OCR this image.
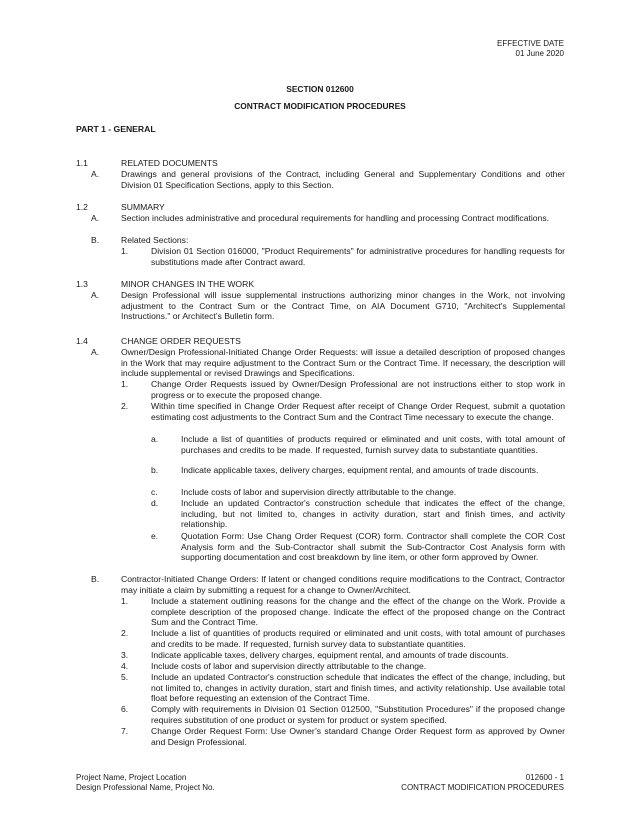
EFFECTIVE DATE
01 June 2020
SECTION 012600
CONTRACT MODIFICATION PROCEDURES
PART 1 - GENERAL
1.1	RELATED DOCUMENTS
A.	Drawings and general provisions of the Contract, including General and Supplementary Conditions and other Division 01 Specification Sections, apply to this Section.
1.2	SUMMARY
A.	Section includes administrative and procedural requirements for handling and processing Contract modifications.
B.	Related Sections:
1.	Division 01 Section 016000, "Product Requirements" for administrative procedures for handling requests for substitutions made after Contract award.
1.3	MINOR CHANGES IN THE WORK
A.	Design Professional will issue supplemental instructions authorizing minor changes in the Work, not involving adjustment to the Contract Sum or the Contract Time, on AIA Document G710, "Architect's Supplemental Instructions." or Architect’s Bulletin form.
1.4	CHANGE ORDER REQUESTS
A.	Owner/Design Professional-Initiated Change Order Requests: will issue a detailed description of proposed changes in the Work that may require adjustment to the Contract Sum or the Contract Time. If necessary, the description will include supplemental or revised Drawings and Specifications.
1.	Change Order Requests issued by Owner/Design Professional are not instructions either to stop work in progress or to execute the proposed change.
2.	Within time specified in Change Order Request after receipt of Change Order Request, submit a quotation estimating cost adjustments to the Contract Sum and the Contract Time necessary to execute the change.
a.	Include a list of quantities of products required or eliminated and unit costs, with total amount of purchases and credits to be made. If requested, furnish survey data to substantiate quantities.
b.	Indicate applicable taxes, delivery charges, equipment rental, and amounts of trade discounts.
c.	Include costs of labor and supervision directly attributable to the change.
d.	Include an updated Contractor's construction schedule that indicates the effect of the change, including, but not limited to, changes in activity duration, start and finish times, and activity relationship.
e.	Quotation Form: Use Chang Order Request (COR) form. Contractor shall complete the COR Cost Analysis form and the Sub-Contractor shall submit the Sub-Contractor Cost Analysis form with supporting documentation and cost breakdown by line item, or other form approved by Owner.
B.	Contractor-Initiated Change Orders: If latent or changed conditions require modifications to the Contract, Contractor may initiate a claim by submitting a request for a change to Owner/Architect.
1.	Include a statement outlining reasons for the change and the effect of the change on the Work. Provide a complete description of the proposed change. Indicate the effect of the proposed change on the Contract Sum and the Contract Time.
2.	Include a list of quantities of products required or eliminated and unit costs, with total amount of purchases and credits to be made. If requested, furnish survey data to substantiate quantities.
3.	Indicate applicable taxes, delivery charges, equipment rental, and amounts of trade discounts.
4.	Include costs of labor and supervision directly attributable to the change.
5.	Include an updated Contractor's construction schedule that indicates the effect of the change, including, but not limited to, changes in activity duration, start and finish times, and activity relationship. Use available total float before requesting an extension of the Contract Time.
6.	Comply with requirements in Division 01 Section 012500, "Substitution Procedures" if the proposed change requires substitution of one product or system for product or system specified.
7.	Change Order Request Form: Use Owner’s standard Change Order Request form as approved by Owner and Design Professional.
Project Name, Project Location
Design Professional Name, Project No.
012600 - 1
CONTRACT MODIFICATION PROCEDURES
